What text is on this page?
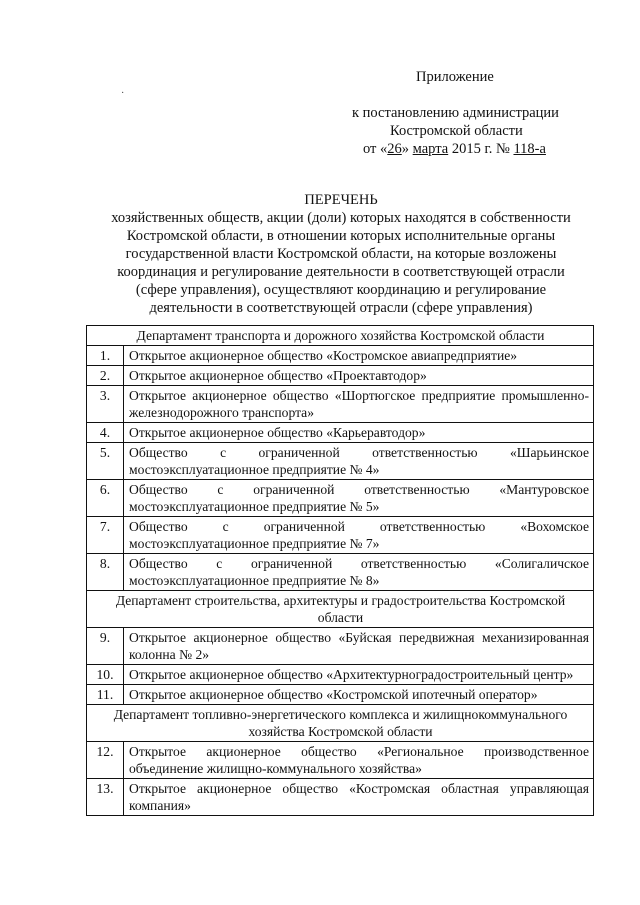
Приложение
·
к постановлению администрации
Костромской области
от «26» марта 2015 г. № 118-а
ПЕРЕЧЕНЬ
хозяйственных обществ, акции (доли) которых находятся в собственности
Костромской области, в отношении которых исполнительные органы
государственной власти Костромской области, на которые возложены
координация и регулирование деятельности в соответствующей отрасли
(сфере управления), осуществляют координацию и регулирование
деятельности в соответствующей отрасли (сфере управления)
Департамент транспорта и дорожного хозяйства Костромской области	
1.	Открытое акционерное общество «Костромское авиапредприятие»
2.	Открытое акционерное общество «Проектавтодор»
3.	Открытое акционерное общество «Шортюгское предприятие промышленно-железнодорожного транспорта»
4.	Открытое акционерное общество «Карьеравтодор»
5.	Общество с ограниченной ответственностью «Шарьинское мостоэксплуатационное предприятие № 4»
6.	Общество с ограниченной ответственностью «Мантуровское мостоэксплуатационное предприятие № 5»
7.	Общество с ограниченной ответственностью «Вохомское мостоэксплуатационное предприятие № 7»
8.	Общество с ограниченной ответственностью «Солигаличское мостоэксплуатационное предприятие № 8»
Департамент строительства, архитектуры и градостроительства Костромской области	
9.	Открытое акционерное общество «Буйская передвижная механизированная колонна № 2»
10.	Открытое акционерное общество «Архитектурноградостроительный центр»
11.	Открытое акционерное общество «Костромской ипотечный оператор»
Департамент топливно-энергетического комплекса и жилищнокоммунального хозяйства Костромской области	
12.	Открытое акционерное общество «Региональное производственное объединение жилищно-коммунального хозяйства»
13.	Открытое акционерное общество «Костромская областная управляющая компания»
